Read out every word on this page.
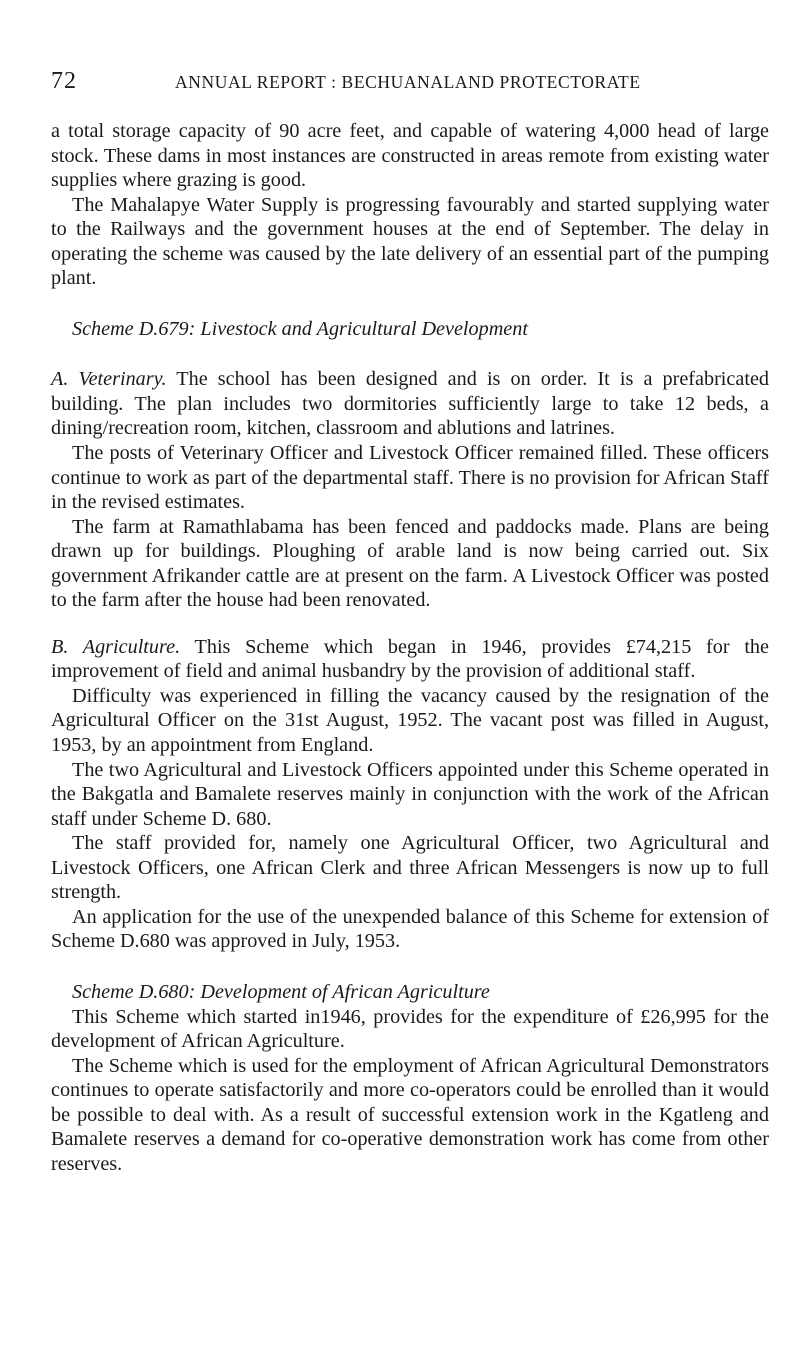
72	ANNUAL REPORT : BECHUANALAND PROTECTORATE

a total storage capacity of 90 acre feet, and capable of watering 4,000 head of large stock. These dams in most instances are constructed in areas remote from existing water supplies where grazing is good.

The Mahalapye Water Supply is progressing favourably and started supplying water to the Railways and the government houses at the end of September. The delay in operating the scheme was caused by the late delivery of an essential part of the pumping plant.

Scheme D.679: Livestock and Agricultural Development

A. Veterinary. The school has been designed and is on order. It is a prefabricated building. The plan includes two dormitories sufficiently large to take 12 beds, a dining/recreation room, kitchen, classroom and ablutions and latrines.

The posts of Veterinary Officer and Livestock Officer remained filled. These officers continue to work as part of the departmental staff. There is no provision for African Staff in the revised estimates.

The farm at Ramathlabama has been fenced and paddocks made. Plans are being drawn up for buildings. Ploughing of arable land is now being carried out. Six government Afrikander cattle are at present on the farm. A Livestock Officer was posted to the farm after the house had been renovated.

B. Agriculture. This Scheme which began in 1946, provides £74,215 for the improvement of field and animal husbandry by the provision of additional staff.

Difficulty was experienced in filling the vacancy caused by the resignation of the Agricultural Officer on the 31st August, 1952. The vacant post was filled in August, 1953, by an appointment from England.

The two Agricultural and Livestock Officers appointed under this Scheme operated in the Bakgatla and Bamalete reserves mainly in conjunction with the work of the African staff under Scheme D. 680.

The staff provided for, namely one Agricultural Officer, two Agricultural and Livestock Officers, one African Clerk and three African Messengers is now up to full strength.

An application for the use of the unexpended balance of this Scheme for extension of Scheme D.680 was approved in July, 1953.

Scheme D.680: Development of African Agriculture

This Scheme which started in1946, provides for the expenditure of £26,995 for the development of African Agriculture.

The Scheme which is used for the employment of African Agricultural Demonstrators continues to operate satisfactorily and more co-operators could be enrolled than it would be possible to deal with. As a result of successful extension work in the Kgatleng and Bamalete reserves a demand for co-operative demonstration work has come from other reserves.
